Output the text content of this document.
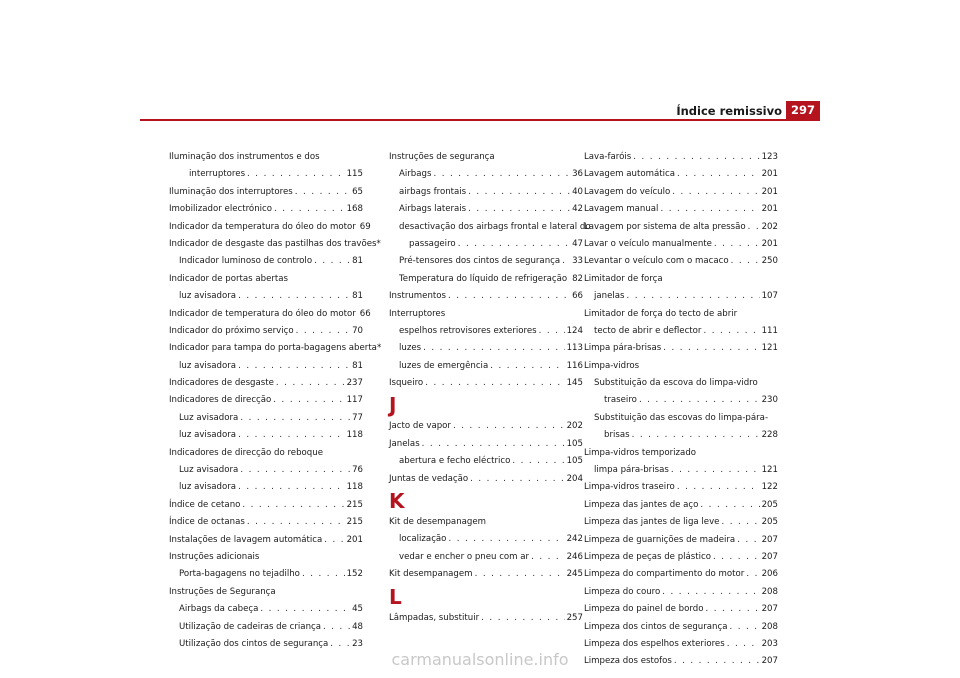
Índice remissivo 297
Iluminação dos instrumentos e dos
interruptores . . .	115
Iluminação dos interruptores . . .	65
Imobilizador electrónico . . .	168
Indicador da temperatura do óleo do motor 69
Indicador de desgaste das pastilhas dos travões*
Indicador luminoso de controlo . . .	81
Indicador de portas abertas
luz avisadora . . .	81
Indicador de temperatura do óleo do motor 66
Indicador do próximo serviço . . .	70
Indicador para tampa do porta-bagagens aberta*
luz avisadora . . .	81
Indicadores de desgaste . . .	237
Indicadores de direcção . . .	117
Luz avisadora . . .	77
luz avisadora . . .	118
Indicadores de direcção do reboque
Luz avisadora . . .	76
luz avisadora . . .	118
Índice de cetano . . .	215
Índice de octanas . . .	215
Instalações de lavagem automática . . .	201
Instruções adicionais
Porta-bagagens no tejadilho . . .	152
Instruções de Segurança
Airbags da cabeça . . .	45
Utilização de cadeiras de criança . . .	48
Utilização dos cintos de segurança . . .	23
Instruções de segurança
Airbags . . .	36
airbags frontais . . .	40
Airbags laterais . . .	42
desactivação dos airbags frontal e lateral do
passageiro . . .	47
Pré-tensores dos cintos de segurança . . . 33
Temperatura do líquido de refrigeração . . . 82
Instrumentos . . .	66
Interruptores
espelhos retrovisores exteriores . . .	124
luzes . . .	113
luzes de emergência . . .	116
Isqueiro . . .	145
J
Jacto de vapor . . .	202
Janelas . . .	105
abertura e fecho eléctrico . . .	105
Juntas de vedação . . .	204
K
Kit de desempanagem
localização . . .	242
vedar e encher o pneu com ar . . .	246
Kit desempanagem . . .	245
L
Lâmpadas, substituir . . .	257
Lava-faróis . . .	123
Lavagem automática . . .	201
Lavagem do veículo . . .	201
Lavagem manual . . .	201
Lavagem por sistema de alta pressão . . . 202
Lavar o veículo manualmente . . .	201
Levantar o veículo com o macaco . . .	250
Limitador de força
janelas . . .	107
Limitador de força do tecto de abrir
tecto de abrir e deflector . . .	111
Limpa pára-brisas . . .	121
Limpa-vidros
Substituição da escova do limpa-vidro
traseiro . . .	230
Substituição das escovas do limpa-pára-
brisas . . .	228
Limpa-vidros temporizado
limpa pára-brisas . . .	121
Limpa-vidros traseiro . . .	122
Limpeza das jantes de aço . . .	205
Limpeza das jantes de liga leve . . .	205
Limpeza de guarnições de madeira . . .	207
Limpeza de peças de plástico . . .	207
Limpeza do compartimento do motor . . . 206
Limpeza do couro . . .	208
Limpeza do painel de bordo . . .	207
Limpeza dos cintos de segurança . . .	208
Limpeza dos espelhos exteriores . . .	203
Limpeza dos estofos . . .	207
carmanualsonline.info
